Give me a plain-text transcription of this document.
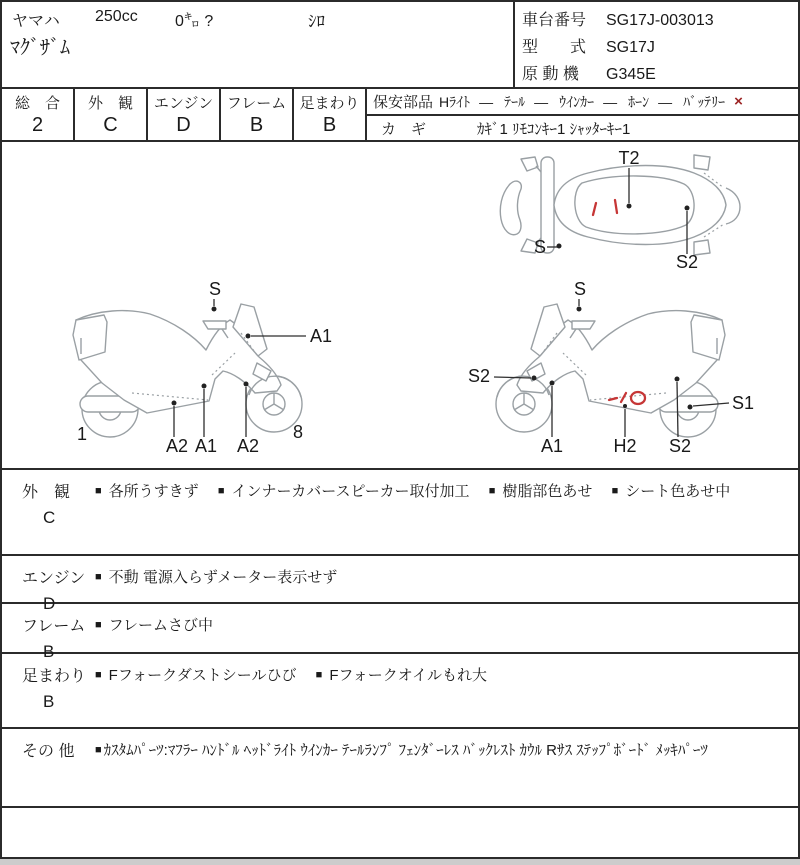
ヤマハ 250cc 0㌔ ?	ｼﾛ
ﾏｸﾞｻﾞﾑ
車台番号	SG17J-003013
型　　式	SG17J
原 動 機	G345E
総　合
2
外　観
C
エンジン
D
フレーム
B
足まわり
B
保安部品 Hﾗｲﾄ ― ﾃｰﾙ ― ｳｲﾝｶｰ ― ﾎｰﾝ ― ﾊﾞｯﾃﾘｰ ×
カ　ギ	ｶｷﾞ1 ﾘﾓｺﾝｷｰ1 ｼｬｯﾀｰｷｰ1
T2
S
S2
S
A1
A2 A1 A2
1	8
S
S2
A1	H2 S2
S1
外　観
C
■ 各所うすきず ■ インナーカバースピーカー取付加工 ■ 樹脂部色あせ ■ シート色あせ中
エンジン
D
■ 不動 電源入らずメーター表示せず
フレーム
B
■ フレームさび中
足まわり
B
■ Fフォークダストシールひび ■ Fフォークオイルもれ大
その 他	■ ｶｽﾀﾑﾊﾟｰﾂ:ﾏﾌﾗｰ ﾊﾝﾄﾞﾙ ﾍｯﾄﾞﾗｲﾄ ｳｲﾝｶｰ ﾃｰﾙﾗﾝﾌﾟ ﾌｪﾝﾀﾞｰﾚｽ ﾊﾞｯｸﾚｽﾄ ｶｳﾙ Rｻｽ ｽﾃｯﾌﾟﾎﾞｰﾄﾞ ﾒｯｷﾊﾟｰﾂ
